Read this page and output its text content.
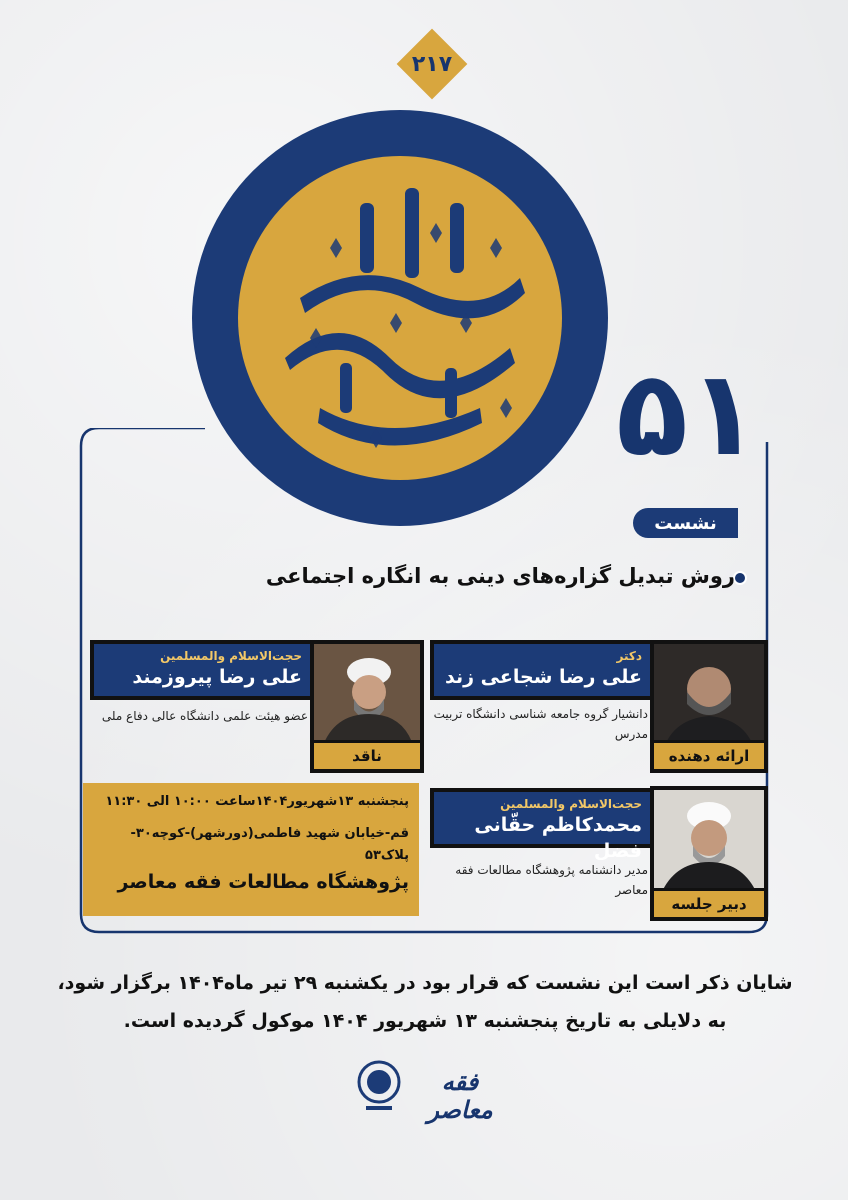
۲۱۷
۵۱
نشست
روش تبدیل گزاره‌های دینی به انگاره اجتماعی
دکتر
علی رضا شجاعی زند
دانشیار گروه جامعه شناسی دانشگاه تربیت مدرس
ارائه دهنده
حجت‌الاسلام والمسلمین
علی رضا پیروزمند
عضو هیئت علمی دانشگاه عالی دفاع ملی
ناقد
حجت‌الاسلام والمسلمین
محمدکاظم حقّانی فضل
مدیر دانشنامه پژوهشگاه مطالعات فقه معاصر
دبیر جلسه
پنجشنبه ۱۳شهریور۱۴۰۴ساعت ۱۰:۰۰ الی ۱۱:۳۰
قم-خیابان شهید فاطمی(دورشهر)-کوچه۳۰-پلاک۵۳
پژوهشگاه مطالعات فقه معاصر
شایان ذکر است این نشست که قرار بود در یکشنبه ۲۹ تیر ماه۱۴۰۴ برگزار شود،
به دلایلی به تاریخ پنجشنبه ۱۳ شهریور ۱۴۰۴ موکول گردیده است.
فقه معاصر
